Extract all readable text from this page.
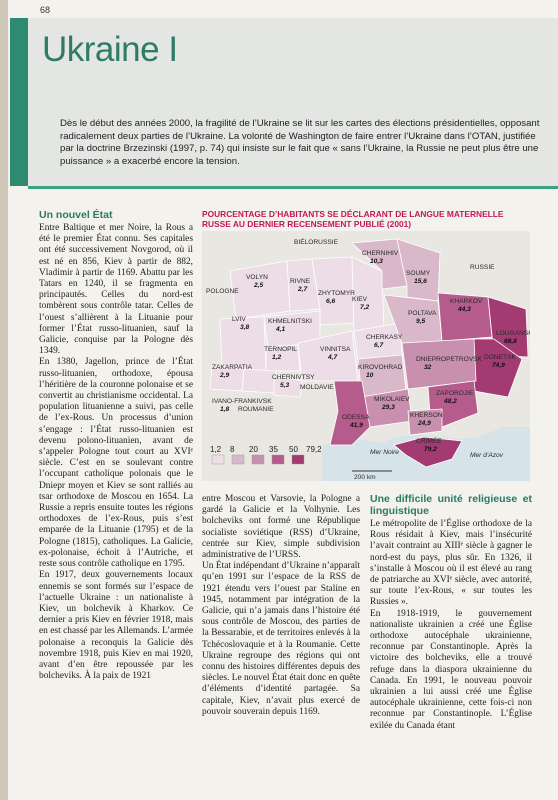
68
Ukraine I
Dès le début des années 2000, la fragilité de l’Ukraine se lit sur les cartes des élections présidentielles, opposant radicalement deux parties de l’Ukraine. La volonté de Washington de faire entrer l’Ukraine dans l’OTAN, justifiée par la doctrine Brzezinski (1997, p. 74) qui insiste sur le fait que « sans l’Ukraine, la Russie ne peut plus être une puissance » a exacerbé encore la tension.
Un nouvel État

Entre Baltique et mer Noire, la Rous a été le premier État connu. Ses capitales ont été successivement Novgorod, où il est né en 856, Kiev à partir de 882, Vladimir à partir de 1169. Abattu par les Tatars en 1240, il se fragmenta en principautés. Celles du nord-est tombèrent sous contrôle tatar. Celles de l’ouest s’allièrent à la Lituanie pour former l’État russo-lituanien, sauf la Galicie, conquise par la Pologne dès 1349.

En 1380, Jagellon, prince de l’État russo-lituanien, orthodoxe, épousa l’héritière de la couronne polonaise et se convertit au christianisme occidental. La population lituanienne a suivi, pas celle de l’ex-Rous. Un processus d’union s’engage : l’État russo-lituanien est devenu polono-lituanien, avant de s’appeler Pologne tout court au XVIᵉ siècle. C’est en se soulevant contre l’occupant catholique polonais que le Dniepr moyen et Kiev se sont ralliés au tsar orthodoxe de Moscou en 1654. La Russie a repris ensuite toutes les régions orthodoxes de l’ex-Rous, puis s’est emparée de la Lituanie (1795) et de la Pologne (1815), catholiques. La Galicie, ex-polonaise, échoit à l’Autriche, et reste sous contrôle catholique en 1795.

En 1917, deux gouvernements locaux ennemis se sont formés sur l’espace de l’actuelle Ukraine : un nationaliste à Kiev, un bolchevik à Kharkov. Ce dernier a pris Kiev en février 1918, mais en est chassé par les Allemands. L’armée polonaise a reconquis la Galicie dès novembre 1918, puis Kiev en mai 1920, avant d’en être repoussée par les bolcheviks. À la paix de 1921

POURCENTAGE D’HABITANTS SE DÉCLARANT DE LANGUE MATERNELLE RUSSE AU DERNIER RECENSEMENT PUBLIÉ (2001)
VOLYN
2,5
RIVNE
2,7
ZHYTOMYR
6,6	KIEV
7,2
CHERNIHIV
10,3
SOUMY
15,6
LVIV
3,8
KHMELNITSKI
4,1
TERNOPIL
1,2
VINNITSA
4,7
CHERKASY
6,7
POLTAVA
9,5
KHARKOV
44,3
LOUGANSK
68,8
DONETSK
74,9
ZAKARPATIA
2,9
IVANO-FRANKIVSK
1,8
CHERNIVTSY
5,3
KIROVOHRAD
10
DNIEPROPETROVSK
32
ZAPOROJIE
48,2
MIKOLAIEV
29,3
ODESSA
41,9
KHERSON
24,9
CRIMÉE
79,2
BIÉLORUSSIE
RUSSIE
POLOGNE
MOLDAVIE
ROUMANIE
Mer d’Azov
Mer Noire
1,2 8 20 35 50 79,2
200 km

entre Moscou et Varsovie, la Pologne a gardé la Galicie et la Volhynie. Les bolcheviks ont formé une République socialiste soviétique (RSS) d’Ukraine, centrée sur Kiev, simple subdivision administrative de l’URSS.

Un État indépendant d’Ukraine n’apparaît qu’en 1991 sur l’espace de la RSS de 1921 étendu vers l’ouest par Staline en 1945, notamment par intégration de la Galicie, qui n’a jamais dans l’histoire été sous contrôle de Moscou, des parties de la Bessarabie, et de territoires enlevés à la Tchécoslovaquie et à la Roumanie. Cette Ukraine regroupe des régions qui ont connu des histoires différentes depuis des siècles. Le nouvel État était donc en quête d’éléments d’identité partagée. Sa capitale, Kiev, n’avait plus exercé de pouvoir souverain depuis 1169.

Une difficile unité religieuse et linguistique

Le métropolite de l’Église orthodoxe de la Rous résidait à Kiev, mais l’insécurité l’avait contraint au XIIIᵉ siècle à gagner le nord-est du pays, plus sûr. En 1326, il s’installe à Moscou où il est élevé au rang de patriarche au XVIᵉ siècle, avec autorité, sur toute l’ex-Rous, « sur toutes les Russies ».

En 1918-1919, le gouvernement nationaliste ukrainien a créé une Église orthodoxe autocéphale ukrainienne, reconnue par Constantinople. Après la victoire des bolcheviks, elle a trouvé refuge dans la diaspora ukrainienne du Canada. En 1991, le nouveau pouvoir ukrainien a lui aussi créé une Église autocéphale ukrainienne, cette fois-ci non reconnue par Constantinople. L’Église exilée du Canada étant
